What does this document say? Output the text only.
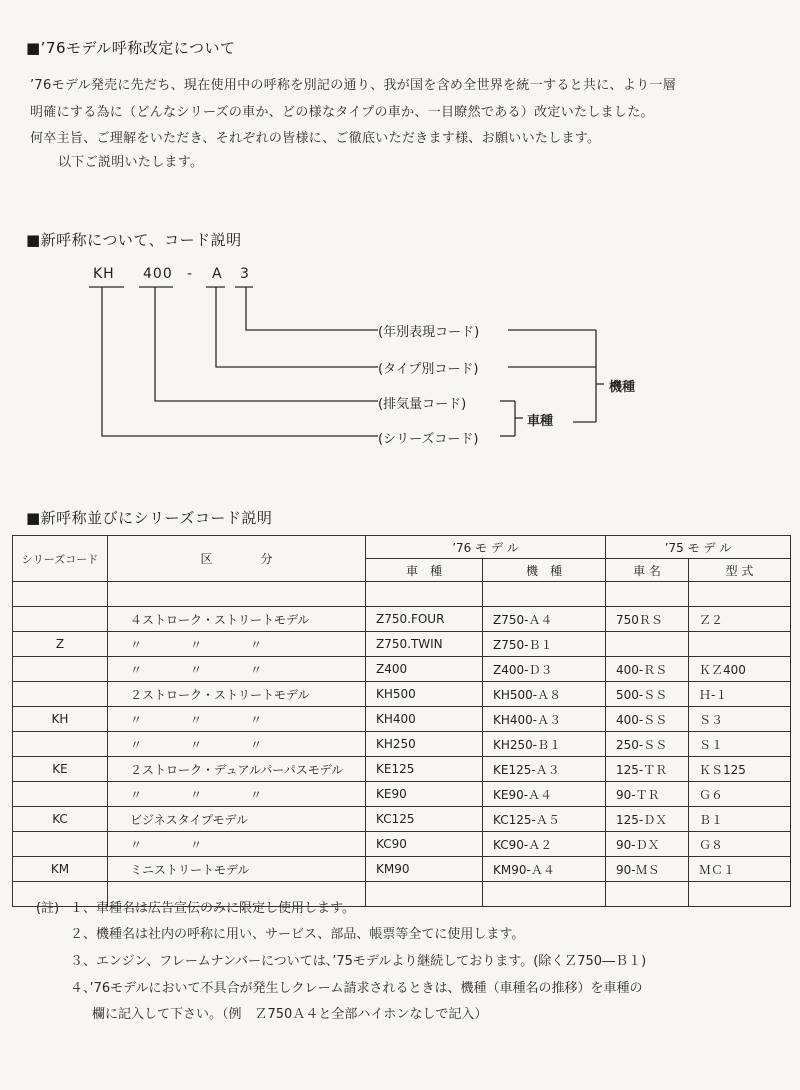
■’76モデル呼称改定について
’76モデル発売に先だち、現在使用中の呼称を別記の通り、我が国を含め全世界を統一すると共に、より一層
明確にする為に（どんなシリーズの車か、どの様なタイプの車か、一目瞭然である）改定いたしました。
何卒主旨、ご理解をいただき、それぞれの皆様に、ご徹底いただきます様、お願いいたします。
以下ご説明いたします。
■新呼称について、コード説明
KH 400 - A 3
(年別表現コード)
(タイプ別コード)
(排気量コード)
(シリーズコード)
機種
車種
■新呼称並びにシリーズコード説明
シリーズコード	区　　　　分	’76 モ デ ル		’75 モ デ ル	
		車　種	機　種	車 名	型 式

	４ストローク・ストリートモデル	Z750.FOUR	Z750-Ａ４	750ＲＳ	Ｚ２
Z	〃　　　　〃　　　　〃	Z750.TWIN	Z750-Ｂ１		
	〃　　　　〃　　　　〃	Z400	Z400-Ｄ３	400-ＲＳ	ＫＺ400
	２ストローク・ストリートモデル	KH500	KH500-Ａ８	500-ＳＳ	Ｈ-１
KH	〃　　　　〃　　　　〃	KH400	KH400-Ａ３	400-ＳＳ	Ｓ３
	〃　　　　〃　　　　〃	KH250	KH250-Ｂ１	250-ＳＳ	Ｓ１
KE	２ストローク・デュアルパーパスモデル	KE125	KE125-Ａ３	125-ＴＲ	ＫＳ125
	〃　　　　〃　　　　〃	KE90	KE90-Ａ４	90-ＴＲ	Ｇ６
KC	ビジネスタイプモデル	KC125	KC125-Ａ５	125-ＤＸ	Ｂ１
	〃　　　　〃	KC90	KC90-Ａ２	90-ＤＸ	Ｇ８
KM	ミニストリートモデル	KM90	KM90-Ａ４	90-ＭＳ	ＭＣ１

(註) １、車種名は広告宣伝のみに限定し使用します。
２、機種名は社内の呼称に用い、サービス、部品、帳票等全てに使用します。
３、エンジン、フレームナンバーについては、’75モデルより継続しております。(除くＺ750―Ｂ１)
４、’76モデルにおいて不具合が発生しクレーム請求されるときは、機種（車種名の推移）を車種の
欄に記入して下さい。（例　Ｚ750Ａ４と全部ハイホンなしで記入）
